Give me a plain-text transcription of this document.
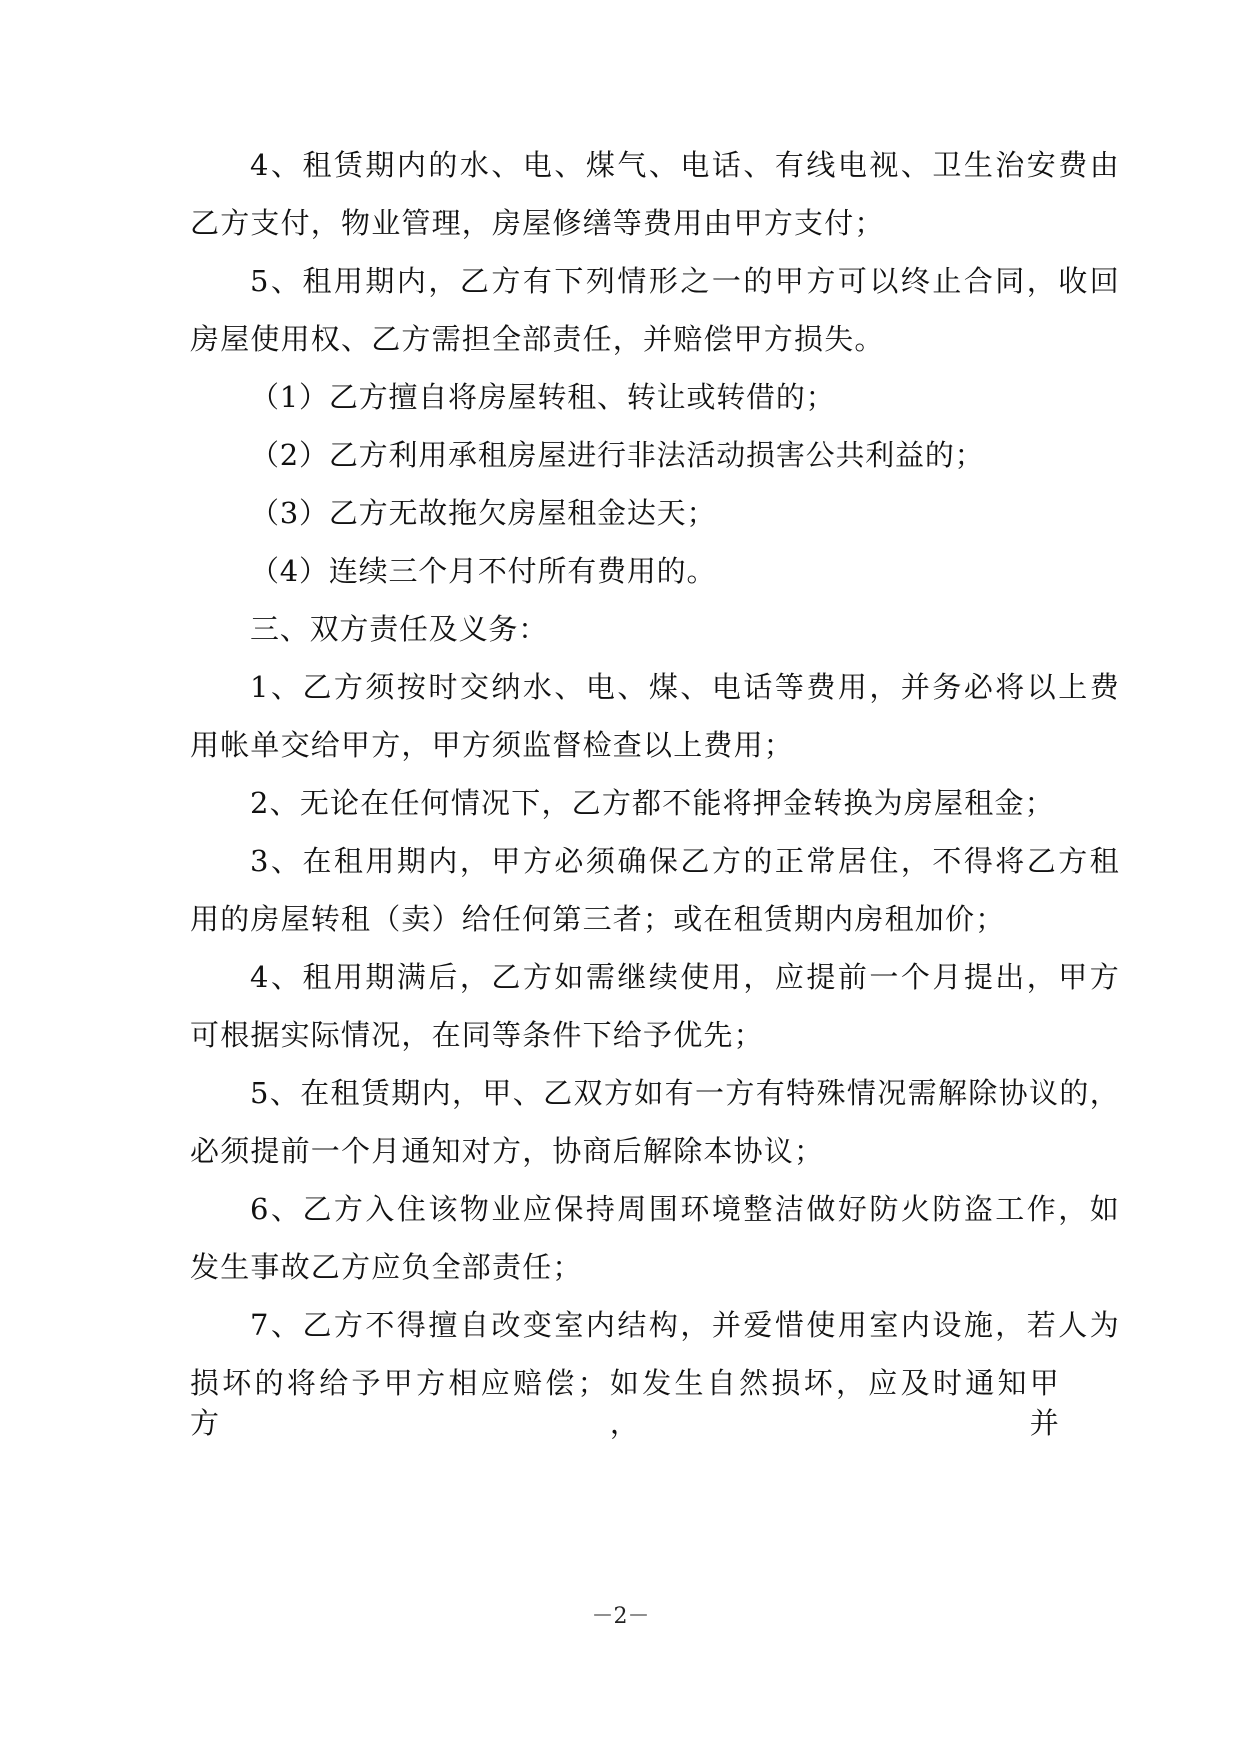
4、租赁期内的水、电、煤气、电话、有线电视、卫生治安费由
乙方支付，物业管理，房屋修缮等费用由甲方支付；
5、租用期内，乙方有下列情形之一的甲方可以终止合同，收回
房屋使用权、乙方需担全部责任，并赔偿甲方损失。
（1）乙方擅自将房屋转租、转让或转借的；
（2）乙方利用承租房屋进行非法活动损害公共利益的；
（3）乙方无故拖欠房屋租金达天；
（4）连续三个月不付所有费用的。
三、双方责任及义务：
1、乙方须按时交纳水、电、煤、电话等费用，并务必将以上费
用帐单交给甲方，甲方须监督检查以上费用；
2、无论在任何情况下，乙方都不能将押金转换为房屋租金；
3、在租用期内，甲方必须确保乙方的正常居住，不得将乙方租
用的房屋转租（卖）给任何第三者；或在租赁期内房租加价；
4、租用期满后，乙方如需继续使用，应提前一个月提出，甲方
可根据实际情况，在同等条件下给予优先；
5、在租赁期内，甲、乙双方如有一方有特殊情况需解除协议的，
必须提前一个月通知对方，协商后解除本协议；
6、乙方入住该物业应保持周围环境整洁做好防火防盗工作，如
发生事故乙方应负全部责任；
7、乙方不得擅自改变室内结构，并爱惜使用室内设施，若人为
损坏的将给予甲方相应赔偿；如发生自然损坏，应及时通知甲方，并
－2－
